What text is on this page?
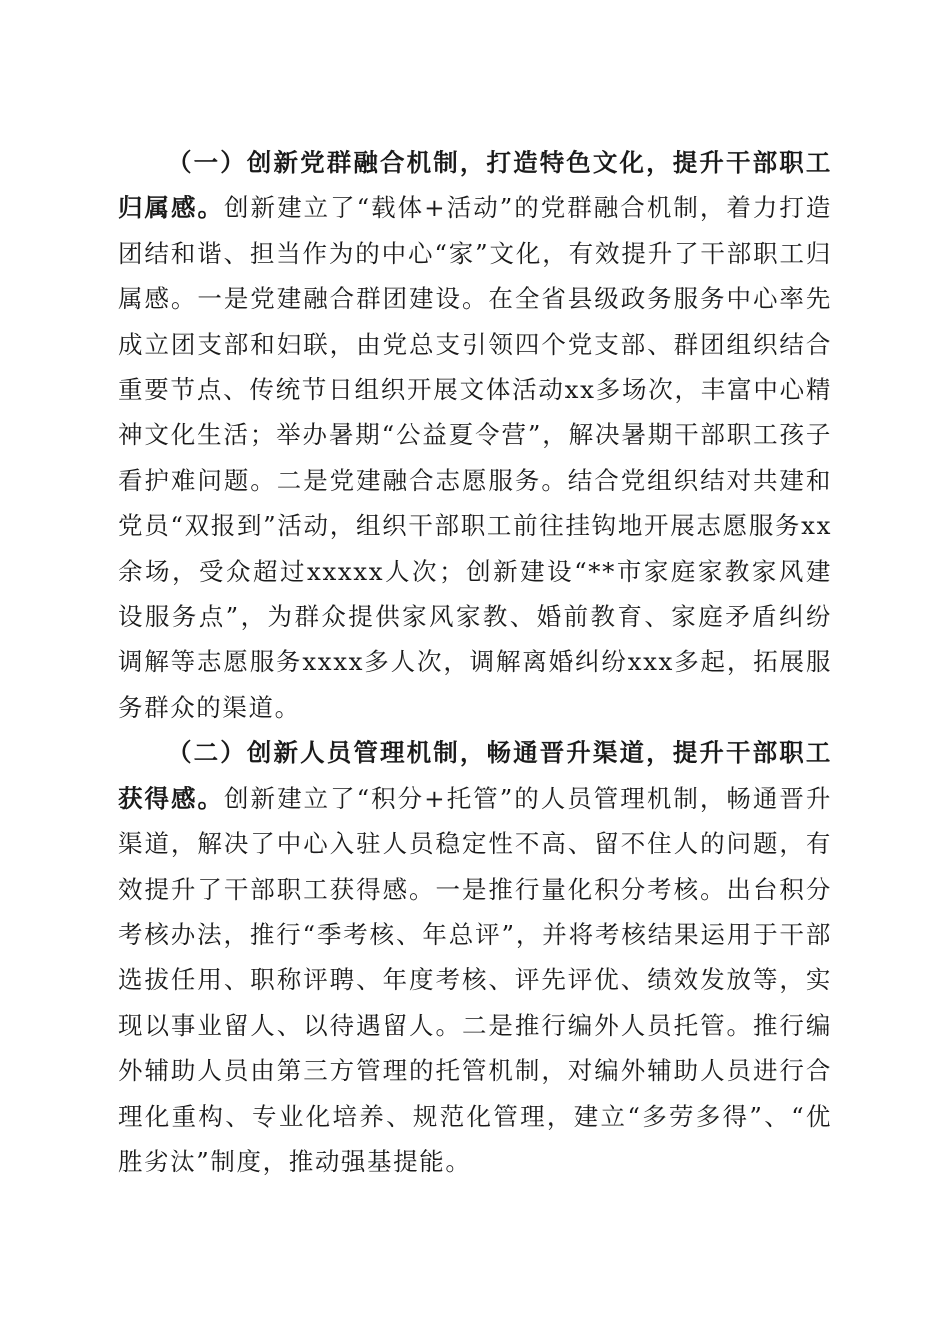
（一）创新党群融合机制，打造特色文化，提升干部职工归属感。创新建立了“载体+活动”的党群融合机制，着力打造团结和谐、担当作为的中心“家”文化，有效提升了干部职工归属感。一是党建融合群团建设。在全省县级政务服务中心率先成立团支部和妇联，由党总支引领四个党支部、群团组织结合重要节点、传统节日组织开展文体活动xx多场次，丰富中心精神文化生活；举办暑期“公益夏令营”，解决暑期干部职工孩子看护难问题。二是党建融合志愿服务。结合党组织结对共建和党员“双报到”活动，组织干部职工前往挂钩地开展志愿服务xx余场，受众超过xxxxx人次；创新建设“**市家庭家教家风建设服务点”，为群众提供家风家教、婚前教育、家庭矛盾纠纷调解等志愿服务xxxx多人次，调解离婚纠纷xxx多起，拓展服务群众的渠道。

（二）创新人员管理机制，畅通晋升渠道，提升干部职工获得感。创新建立了“积分+托管”的人员管理机制，畅通晋升渠道，解决了中心入驻人员稳定性不高、留不住人的问题，有效提升了干部职工获得感。一是推行量化积分考核。出台积分考核办法，推行“季考核、年总评”，并将考核结果运用于干部选拔任用、职称评聘、年度考核、评先评优、绩效发放等，实现以事业留人、以待遇留人。二是推行编外人员托管。推行编外辅助人员由第三方管理的托管机制，对编外辅助人员进行合理化重构、专业化培养、规范化管理，建立“多劳多得”、“优胜劣汰”制度，推动强基提能。
